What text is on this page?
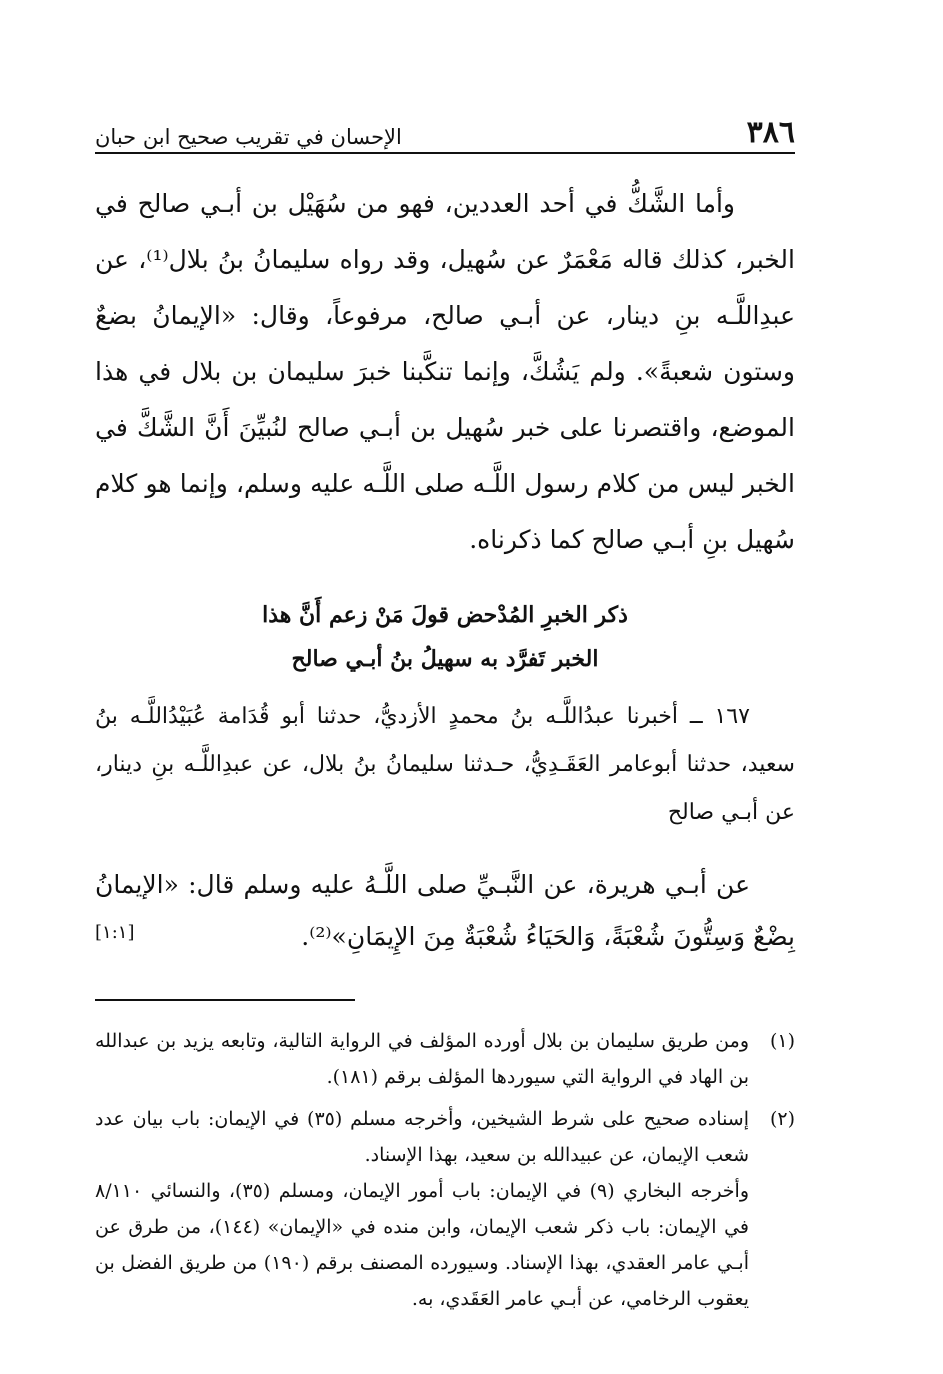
٣٨٦
الإحسان في تقريب صحيح ابن حبان

وأما الشَّكُّ في أحد العددين، فهو من سُهَيْل بن أبـي صالح في الخبر، كذلك قاله مَعْمَرٌ عن سُهيل، وقد رواه سليمانُ بنُ بلال⁽¹⁾، عن عبدِاللَّـه بنِ دينار، عن أبـي صالح، مرفوعاً، وقال: «الإيمانُ بضعٌ وستون شعبةً». ولم يَشُكَّ، وإنما تنكَّبنا خبرَ سليمان بن بلال في هذا الموضع، واقتصرنا على خبر سُهيل بن أبـي صالح لنُبيِّنَ أَنَّ الشَّكَّ في الخبر ليس من كلام رسول اللَّـه صلى اللَّـه عليه وسلم، وإنما هو كلام سُهيل بنِ أبـي صالح كما ذكرناه.

ذكر الخبرِ المُدْحض قولَ مَنْ زعم أَنَّ هذا
الخبر تَفرَّد به سهيلُ بنُ أبـي صالح

١٦٧ ــ أخبرنا عبدُاللَّـه بنُ محمدٍ الأزديُّ، حدثنا أبو قُدَامة عُبَيْدُاللَّـه بنُ سعيد، حدثنا أبوعامر العَقَـدِيُّ، حـدثنا سليمانُ بنُ بلال، عن عبدِاللَّـه بنِ دينار، عن أبـي صالح

عن أبـي هريرة، عن النَّبـيِّ صلى اللَّـهُ عليه وسلم قال: «الإيمانُ بِضْعٌ وَسِتُّونَ شُعْبَةً، وَالحَيَاءُ شُعْبَةٌ مِنَ الإِيمَانِ»⁽²⁾.
[١:١]
(١)
ومن طريق سليمان بن بلال أورده المؤلف في الرواية التالية، وتابعه يزيد بن عبدالله بن الهاد في الرواية التي سيوردها المؤلف برقم (١٨١).
(٢)
إسناده صحيح على شرط الشيخين، وأخرجه مسلم (٣٥) في الإيمان: باب بيان عدد شعب الإيمان، عن عبيدالله بن سعيد، بهذا الإسناد.
وأخرجه البخاري (٩) في الإيمان: باب أمور الإيمان، ومسلم (٣٥)، والنسائي ٨/١١٠ في الإيمان: باب ذكر شعب الإيمان، وابن منده في «الإيمان» (١٤٤)، من طرق عن أبـي عامر العقدي، بهذا الإسناد. وسيورده المصنف برقم (١٩٠) من طريق الفضل بن يعقوب الرخامي، عن أبـي عامر العَقَدي، به.
